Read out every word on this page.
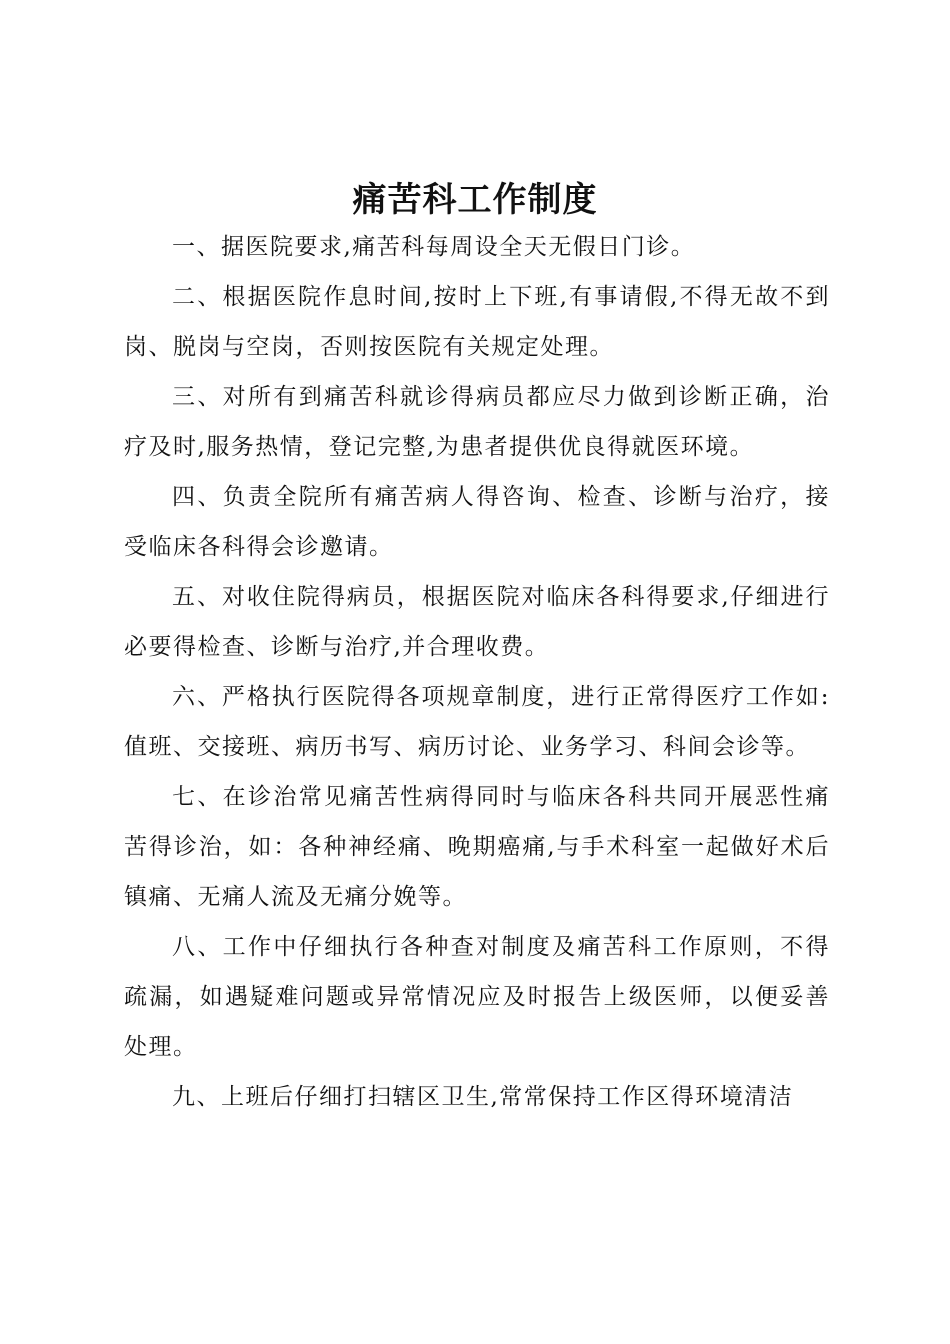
痛苦科工作制度

一、据医院要求,痛苦科每周设全天无假日门诊。

二、根据医院作息时间,按时上下班,有事请假,不得无故不到岗、脱岗与空岗，否则按医院有关规定处理。

三、对所有到痛苦科就诊得病员都应尽力做到诊断正确，治疗及时,服务热情，登记完整,为患者提供优良得就医环境。

四、负责全院所有痛苦病人得咨询、检查、诊断与治疗，接受临床各科得会诊邀请。

五、对收住院得病员，根据医院对临床各科得要求,仔细进行必要得检查、诊断与治疗,并合理收费。

六、严格执行医院得各项规章制度，进行正常得医疗工作如:值班、交接班、病历书写、病历讨论、业务学习、科间会诊等。

七、在诊治常见痛苦性病得同时与临床各科共同开展恶性痛苦得诊治，如：各种神经痛、晚期癌痛,与手术科室一起做好术后镇痛、无痛人流及无痛分娩等。

八、工作中仔细执行各种查对制度及痛苦科工作原则，不得疏漏，如遇疑难问题或异常情况应及时报告上级医师，以便妥善处理。

九、上班后仔细打扫辖区卫生,常常保持工作区得环境清洁
